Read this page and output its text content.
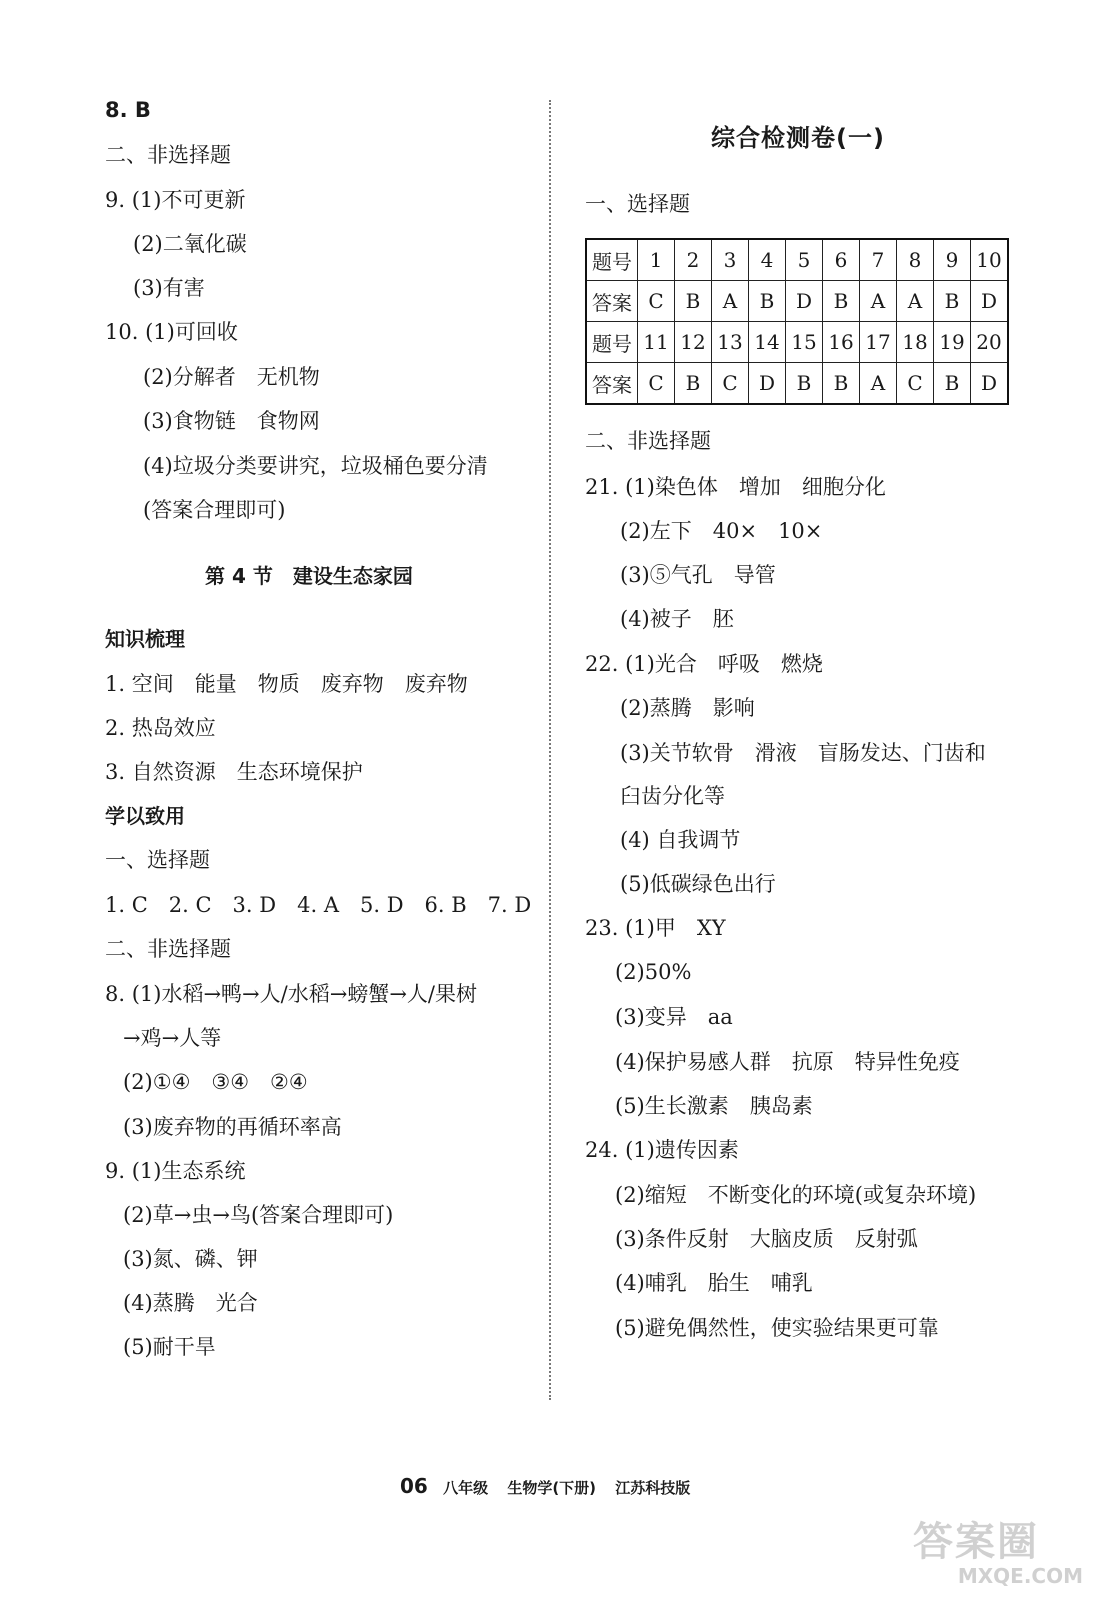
8. B
二、非选择题
9. (1)不可更新
(2)二氧化碳
(3)有害
10. (1)可回收
(2)分解者　无机物
(3)食物链　食物网
(4)垃圾分类要讲究，垃圾桶色要分清
(答案合理即可)
第 4 节　建设生态家园
知识梳理
1. 空间　能量　物质　废弃物　废弃物
2. 热岛效应
3. 自然资源　生态环境保护
学以致用
一、选择题
1. C　2. C　3. D　4. A　5. D　6. B　7. D
二、非选择题
8. (1)水稻→鸭→人/水稻→螃蟹→人/果树
→鸡→人等
(2)①④　③④　②④
(3)废弃物的再循环率高
9. (1)生态系统
(2)草→虫→鸟(答案合理即可)
(3)氮、磷、钾
(4)蒸腾　光合
(5)耐干旱
综合检测卷(一)
一、选择题
题号	1	2	3	4	5	6	7	8	9	10
答案	C	B	A	B	D	B	A	A	B	D
题号	11	12	13	14	15	16	17	18	19	20
答案	C	B	C	D	B	B	A	C	B	D
二、非选择题
21. (1)染色体　增加　细胞分化
(2)左下　40×　10×
(3)⑤气孔　导管
(4)被子　胚
22. (1)光合　呼吸　燃烧
(2)蒸腾　影响
(3)关节软骨　滑液　盲肠发达、门齿和
臼齿分化等
(4) 自我调节
(5)低碳绿色出行
23. (1)甲　XY
(2)50%
(3)变异　aa
(4)保护易感人群　抗原　特异性免疫
(5)生长激素　胰岛素
24. (1)遗传因素
(2)缩短　不断变化的环境(或复杂环境)
(3)条件反射　大脑皮质　反射弧
(4)哺乳　胎生　哺乳
(5)避免偶然性，使实验结果更可靠
06 八年级 生物学(下册) 江苏科技版
答案圈
MXQE.COM
